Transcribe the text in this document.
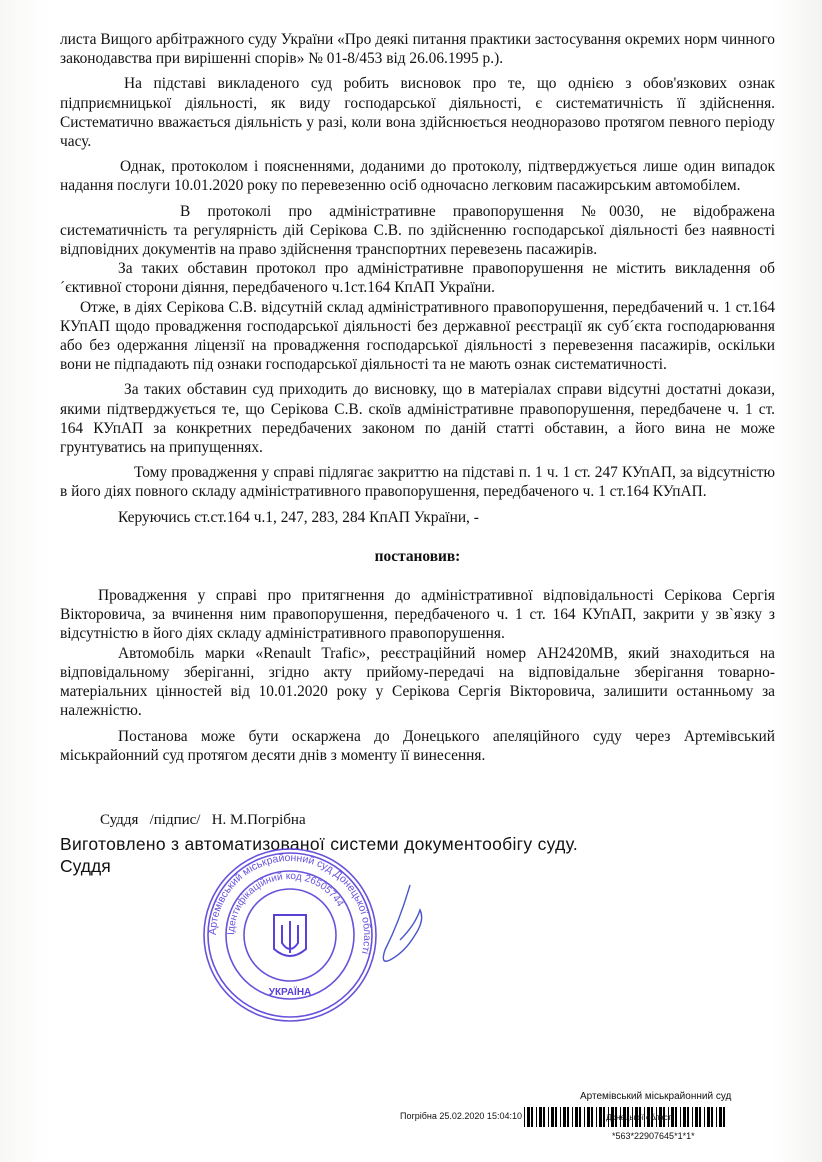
листа Вищого арбітражного суду України «Про деякі питання практики застосування окремих норм чинного законодавства при вирішенні спорів» № 01-8/453 від 26.06.1995 р.).

На підставі викладеного суд робить висновок про те, що однією з обов'язкових ознак підприємницької діяльності, як виду господарської діяльності, є систематичність її здійснення. Систематично вважається діяльність у разі, коли вона здійснюється неодноразово протягом певного періоду часу.

Однак, протоколом і поясненнями, доданими до протоколу, підтверджується лише один випадок надання послуги 10.01.2020 року по перевезенню осіб одночасно легковим пасажирським автомобілем.

В протоколі про адміністративне правопорушення №0030, не відображена систематичність та регулярність дій Серікова С.В. по здійсненню господарської діяльності без наявності відповідних документів на право здійснення транспортних перевезень пасажирів.

За таких обставин протокол про адміністративне правопорушення не містить викладення об´єктивної сторони діяння, передбаченого ч.1ст.164 КпАП України.

Отже, в діях Серікова С.В. відсутній склад адміністративного правопорушення, передбачений ч. 1 ст.164 КУпАП щодо провадження господарської діяльності без державної реєстрації як суб´єкта господарювання або без одержання ліцензії на провадження господарської діяльності з перевезення пасажирів, оскільки вони не підпадають під ознаки господарської діяльності та не мають ознак систематичності.

За таких обставин суд приходить до висновку, що в матеріалах справи відсутні достатні докази, якими підтверджується те, що Серікова С.В. скоїв адміністративне правопорушення, передбачене ч. 1 ст. 164 КУпАП за конкретних передбачених законом по даній статті обставин, а його вина не може грунтуватись на припущеннях.

Тому провадження у справі підлягає закриттю на підставі п. 1 ч. 1 ст. 247 КУпАП, за відсутністю в його діях повного складу адміністративного правопорушення, передбаченого ч. 1 ст.164 КУпАП.

Керуючись ст.ст.164 ч.1, 247, 283, 284 КпАП України, -

постановив:

Провадження у справі про притягнення до адміністративної відповідальності Серікова Сергія Вікторовича, за вчинення ним правопорушення, передбаченого ч. 1 ст. 164 КУпАП, закрити у зв`язку з відсутністю в його діях складу адміністративного правопорушення.

Автомобіль марки «Renault Trafic», реєстраційний номер АН2420МВ, який знаходиться на відповідальному зберіганні, згідно акту прийому-передачі на відповідальне зберігання товарно-матеріальних цінностей від 10.01.2020 року у Серікова Сергія Вікторовича, залишити останньому за належністю.

Постанова може бути оскаржена до Донецького апеляційного суду через Артемівський міськрайонний суд протягом десяти днів з моменту її винесення.

Суддя   /підпис/   Н. М.Погрібна
Виготовлено з автоматизованої системи документообігу суду.
Суддя
Артемівський міськрайонний суд Донецької області
Ідентифікаційний код 26505744
УКРАЇНА
Артемівський міськрайонний суд
Погрібна 25.02.2020 15:04:10	Донецької області
*563*22907645*1*1*
